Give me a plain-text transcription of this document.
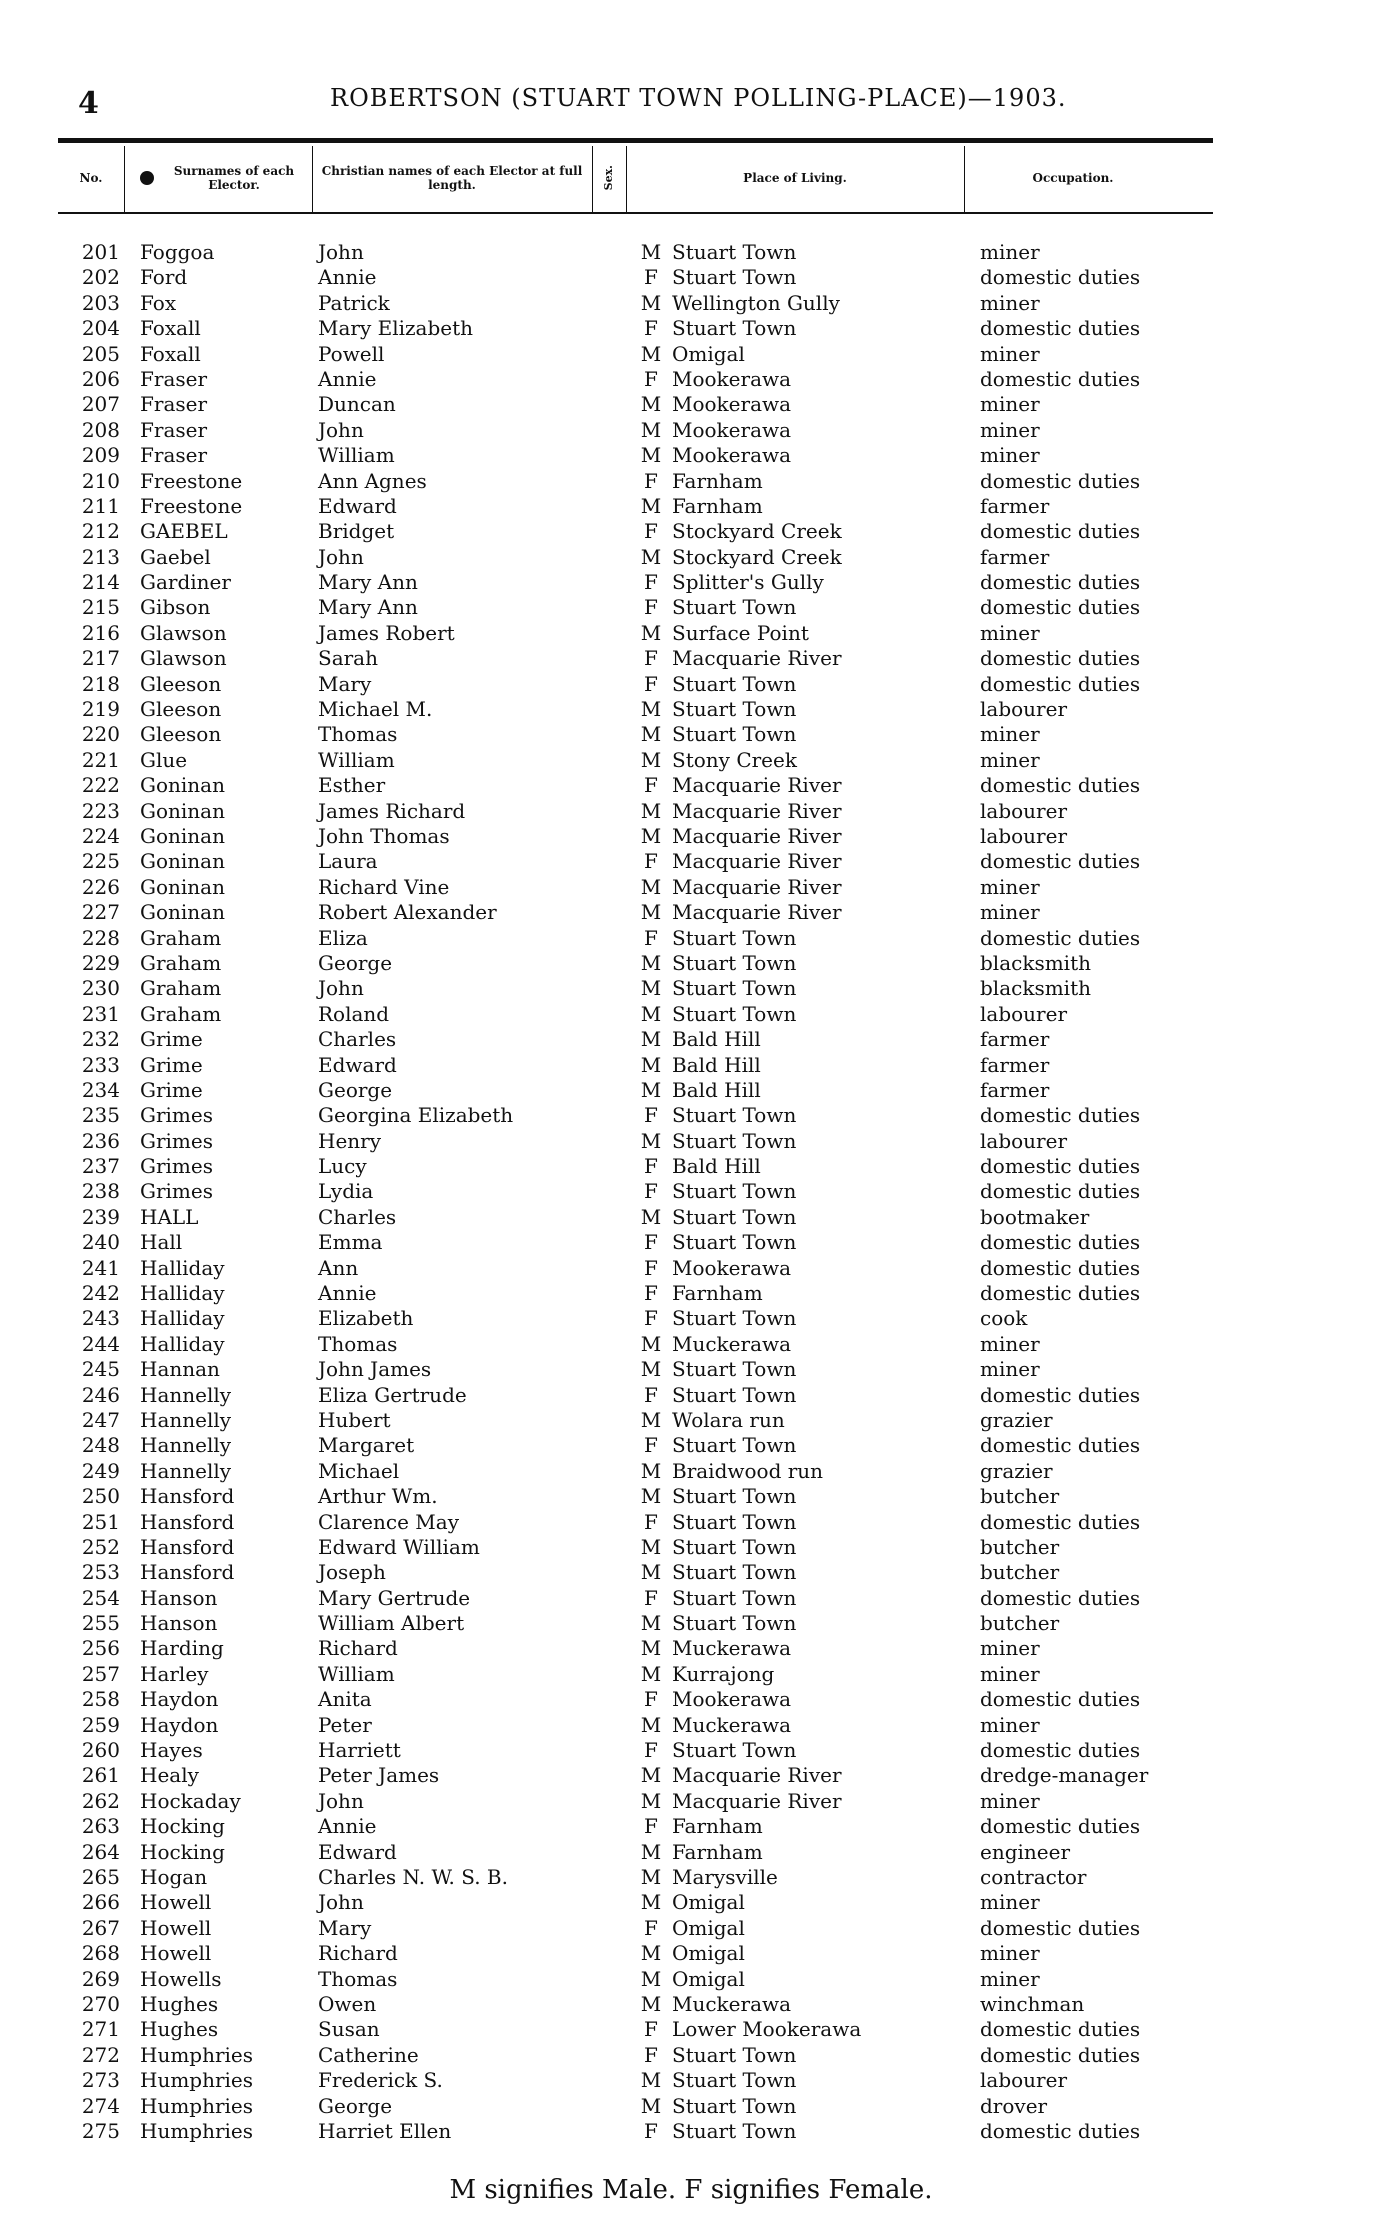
4	ROBERTSON (STUART TOWN POLLING-PLACE)—1903.
No.	Surnames of each Elector.
Christian names of each Elector at full length.	Sex.	Place of Living.	Occupation.
201 Foggoa	John	M Stuart Town	miner
202 Ford	Annie	F Stuart Town	domestic duties
203 Fox	Patrick	M Wellington Gully	miner
204 Foxall	Mary Elizabeth	F Stuart Town	domestic duties
205 Foxall	Powell	M Omigal	miner
206 Fraser	Annie	F Mookerawa	domestic duties
207 Fraser	Duncan	M Mookerawa	miner
208 Fraser	John	M Mookerawa	miner
209 Fraser	William	M Mookerawa	miner
210 Freestone	Ann Agnes	F Farnham	domestic duties
211 Freestone	Edward	M Farnham	farmer
212 GAEBEL	Bridget	F Stockyard Creek	domestic duties
213 Gaebel	John	M Stockyard Creek	farmer
214 Gardiner	Mary Ann	F Splitter's Gully	domestic duties
215 Gibson	Mary Ann	F Stuart Town	domestic duties
216 Glawson	James Robert	M Surface Point	miner
217 Glawson	Sarah	F Macquarie River	domestic duties
218 Gleeson	Mary	F Stuart Town	domestic duties
219 Gleeson	Michael M.	M Stuart Town	labourer
220 Gleeson	Thomas	M Stuart Town	miner
221 Glue	William	M Stony Creek	miner
222 Goninan	Esther	F Macquarie River	domestic duties
223 Goninan	James Richard	M Macquarie River	labourer
224 Goninan	John Thomas	M Macquarie River	labourer
225 Goninan	Laura	F Macquarie River	domestic duties
226 Goninan	Richard Vine	M Macquarie River	miner
227 Goninan	Robert Alexander	M Macquarie River	miner
228 Graham	Eliza	F Stuart Town	domestic duties
229 Graham	George	M Stuart Town	blacksmith
230 Graham	John	M Stuart Town	blacksmith
231 Graham	Roland	M Stuart Town	labourer
232 Grime	Charles	M Bald Hill	farmer
233 Grime	Edward	M Bald Hill	farmer
234 Grime	George	M Bald Hill	farmer
235 Grimes	Georgina Elizabeth	F Stuart Town	domestic duties
236 Grimes	Henry	M Stuart Town	labourer
237 Grimes	Lucy	F Bald Hill	domestic duties
238 Grimes	Lydia	F Stuart Town	domestic duties
239 HALL	Charles	M Stuart Town	bootmaker
240 Hall	Emma	F Stuart Town	domestic duties
241 Halliday	Ann	F Mookerawa	domestic duties
242 Halliday	Annie	F Farnham	domestic duties
243 Halliday	Elizabeth	F Stuart Town	cook
244 Halliday	Thomas	M Muckerawa	miner
245 Hannan	John James	M Stuart Town	miner
246 Hannelly	Eliza Gertrude	F Stuart Town	domestic duties
247 Hannelly	Hubert	M Wolara run	grazier
248 Hannelly	Margaret	F Stuart Town	domestic duties
249 Hannelly	Michael	M Braidwood run	grazier
250 Hansford	Arthur Wm.	M Stuart Town	butcher
251 Hansford	Clarence May	F Stuart Town	domestic duties
252 Hansford	Edward William	M Stuart Town	butcher
253 Hansford	Joseph	M Stuart Town	butcher
254 Hanson	Mary Gertrude	F Stuart Town	domestic duties
255 Hanson	William Albert	M Stuart Town	butcher
256 Harding	Richard	M Muckerawa	miner
257 Harley	William	M Kurrajong	miner
258 Haydon	Anita	F Mookerawa	domestic duties
259 Haydon	Peter	M Muckerawa	miner
260 Hayes	Harriett	F Stuart Town	domestic duties
261 Healy	Peter James	M Macquarie River	dredge-manager
262 Hockaday	John	M Macquarie River	miner
263 Hocking	Annie	F Farnham	domestic duties
264 Hocking	Edward	M Farnham	engineer
265 Hogan	Charles N. W. S. B.	M Marysville	contractor
266 Howell	John	M Omigal	miner
267 Howell	Mary	F Omigal	domestic duties
268 Howell	Richard	M Omigal	miner
269 Howells	Thomas	M Omigal	miner
270 Hughes	Owen	M Muckerawa	winchman
271 Hughes	Susan	F Lower Mookerawa	domestic duties
272 Humphries	Catherine	F Stuart Town	domestic duties
273 Humphries	Frederick S.	M Stuart Town	labourer
274 Humphries	George	M Stuart Town	drover
275 Humphries	Harriet Ellen	F Stuart Town	domestic duties
M signifies Male. F signifies Female.
